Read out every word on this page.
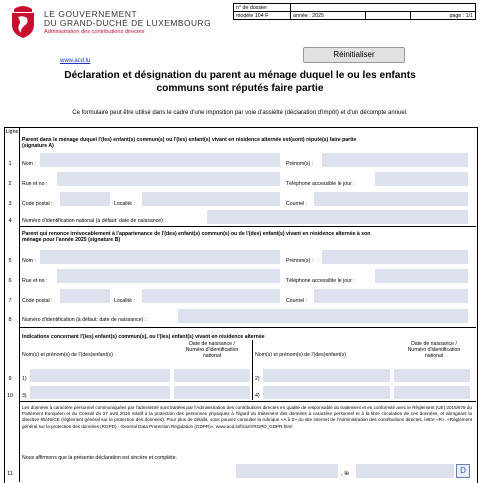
LE GOUVERNEMENT
DU GRAND-DUCHÉ DE LUXEMBOURG
Administration des contributions directes
n° de dossier			
modèle 104 F	année : 2025		page : 1/1
Réinitialiser
www.acd.lu
Déclaration et désignation du parent au ménage duquel le ou les enfants
communs sont réputés faire partie
Ce formulaire peut être utilisé dans le cadre d'une imposition par voie d'assiette (déclaration d'impôt) et d'un décompte annuel.
Ligne
Parent dans le ménage duquel l'(les) enfant(s) commun(s) ou l'(les) enfant(s) vivant en résidence alternée est(sont) réputé(s) faire partie
(signature A)
1	Nom :	Prénom(s) :
2	Rue et no :	Téléphone accessible le jour :
3	Code postal :	Localité :	Courriel :
4	Numéro d'identification national (à défaut: date de naissance) :
Parent qui renonce irrévocablement à l'appartenance de l'(des) enfant(s) commun(s) ou de l'(des) enfant(s) vivant en résidence alternée à son
ménage pour l'année 2025 (signature B)
5	Nom :	Prénom(s) :
6	Rue et no :	Téléphone accessible le jour :
7	Code postal :	Localité :	Courriel :
8	Numéro d'identification (à défaut: date de naissance) :
Indications concernant l'(les) enfant(s) commun(s), ou l'(les) enfant(s) vivant en résidence alternée
Nom(s) et prénom(s) de l'(des)enfant(s)
Date de naissance /
Numéro d'identification
national	Nom(s) et prénom(s) de l'(des)enfant(s)
Date de naissance /
Numéro d'identification
national
9	1)	2)
10	3)	4)
Les données à caractère personnel communiquées par l'administré sont traitées par l'Administration des contributions directes en qualité de responsable du traitement et en conformité avec le Règlement (UE) 2016/679 du Parlement Européen et du Conseil du 27 avril 2016 relatif à la protection des personnes physiques à l'égard du traitement des données à caractère personnel et à la libre circulation de ces données, et abrogeant la directive 95/46/CE (règlement général sur la protection des données). Pour plus de détails, vous pouvez consulter la rubrique «A à Z» du site internet de l'Administration des contributions directes, lettre «R», «Règlement général sur la protection des données (RGPD) - General Data Protection Regulation (GDPR)»: www.acd.lu/fr/az/r/RGPD_GDPR.html
Nous affirmons que la présente déclaration est sincère et complète.
11	, le	D
